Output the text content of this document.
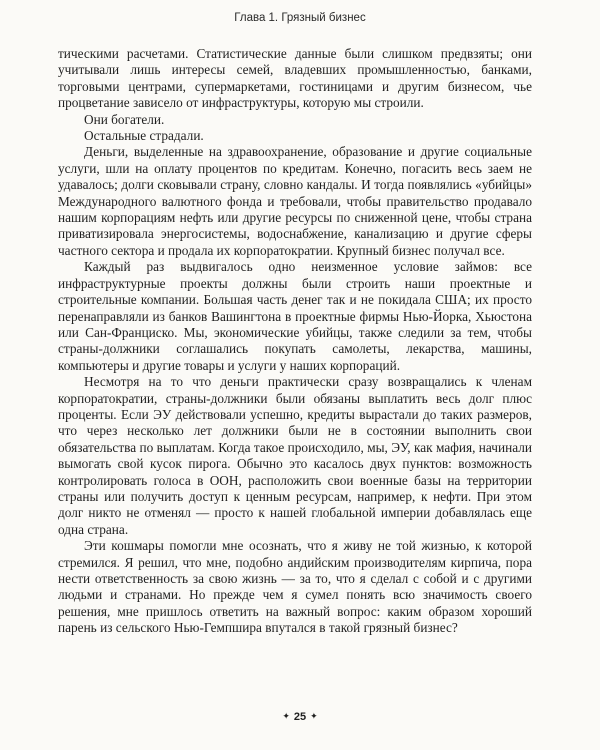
Глава 1. Грязный бизнес

тическими расчетами. Статистические данные были слишком предвзяты; они учитывали лишь интересы семей, владевших промышленностью, банками, торговыми центрами, супермаркетами, гостиницами и другим бизнесом, чье процветание зависело от инфраструктуры, которую мы строили.

Они богатели.

Остальные страдали.

Деньги, выделенные на здравоохранение, образование и другие социальные услуги, шли на оплату процентов по кредитам. Конечно, погасить весь заем не удавалось; долги сковывали страну, словно кандалы. И тогда появлялись «убийцы» Международного валютного фонда и требовали, чтобы правительство продавало нашим корпорациям нефть или другие ресурсы по сниженной цене, чтобы страна приватизировала энергосистемы, водоснабжение, канализацию и другие сферы частного сектора и продала их корпоратократии. Крупный бизнес получал все.

Каждый раз выдвигалось одно неизменное условие займов: все инфраструктурные проекты должны были строить наши проектные и строительные компании. Большая часть денег так и не покидала США; их просто перенаправляли из банков Вашингтона в проектные фирмы Нью-Йорка, Хьюстона или Сан-Франциско. Мы, экономические убийцы, также следили за тем, чтобы страны-должники соглашались покупать самолеты, лекарства, машины, компьютеры и другие товары и услуги у наших корпораций.

Несмотря на то что деньги практически сразу возвращались к членам корпоратократии, страны-должники были обязаны выплатить весь долг плюс проценты. Если ЭУ действовали успешно, кредиты вырастали до таких размеров, что через несколько лет должники были не в состоянии выполнить свои обязательства по выплатам. Когда такое происходило, мы, ЭУ, как мафия, начинали вымогать свой кусок пирога. Обычно это касалось двух пунктов: возможность контролировать голоса в ООН, расположить свои военные базы на территории страны или получить доступ к ценным ресурсам, например, к нефти. При этом долг никто не отменял — просто к нашей глобальной империи добавлялась еще одна страна.

Эти кошмары помогли мне осознать, что я живу не той жизнью, к которой стремился. Я решил, что мне, подобно андийским производителям кирпича, пора нести ответственность за свою жизнь — за то, что я сделал с собой и с другими людьми и странами. Но прежде чем я сумел понять всю значимость своего решения, мне пришлось ответить на важный вопрос: каким образом хороший парень из сельского Нью-Гемпшира впутался в такой грязный бизнес?

✦ 25 ✦
